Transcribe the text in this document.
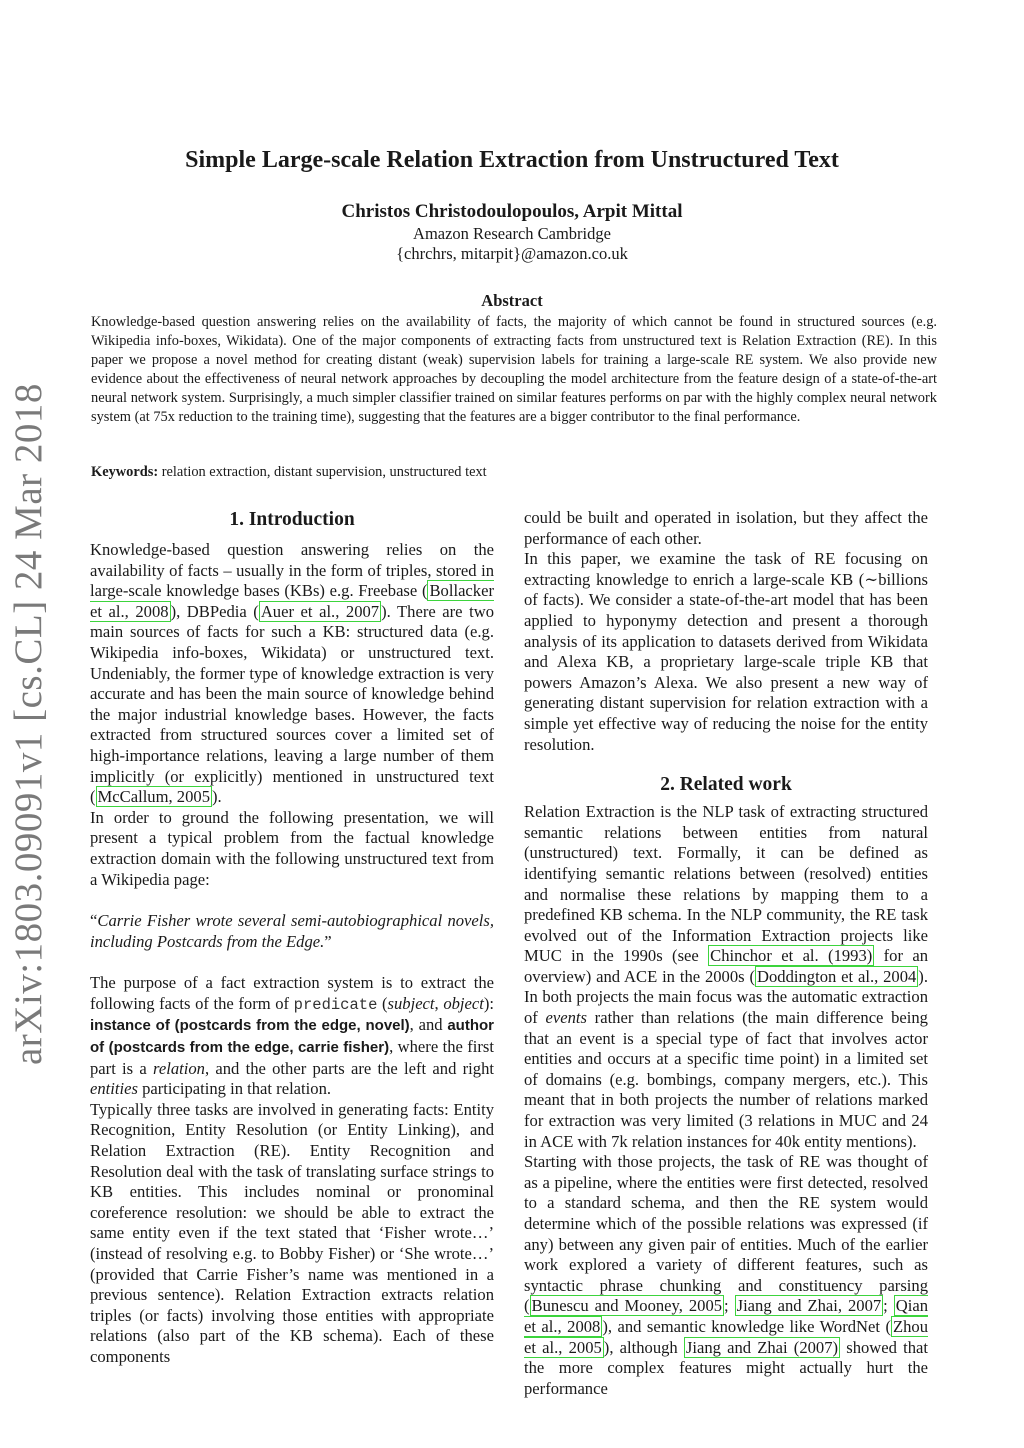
arXiv:1803.09091v1 [cs.CL] 24 Mar 2018
Simple Large-scale Relation Extraction from Unstructured Text
Christos Christodoulopoulos, Arpit Mittal
Amazon Research Cambridge
{chrchrs, mitarpit}@amazon.co.uk
Abstract
Knowledge-based question answering relies on the availability of facts, the majority of which cannot be found in structured sources (e.g. Wikipedia info-boxes, Wikidata). One of the major components of extracting facts from unstructured text is Relation Extraction (RE). In this paper we propose a novel method for creating distant (weak) supervision labels for training a large-scale RE system. We also provide new evidence about the effectiveness of neural network approaches by decoupling the model architecture from the feature design of a state-of-the-art neural network system. Surprisingly, a much simpler classifier trained on similar features performs on par with the highly complex neural network system (at 75x reduction to the training time), suggesting that the features are a bigger contributor to the final performance.
Keywords: relation extraction, distant supervision, unstructured text
1. Introduction

Knowledge-based question answering relies on the availability of facts – usually in the form of triples, stored in large-scale knowledge bases (KBs) e.g. Freebase ( Bollacker et al., 2008 ), DBPedia ( Auer et al., 2007 ). There are two main sources of facts for such a KB: structured data (e.g. Wikipedia info-boxes, Wikidata) or unstructured text. Undeniably, the former type of knowledge extraction is very accurate and has been the main source of knowledge behind the major industrial knowledge bases. However, the facts extracted from structured sources cover a limited set of high-importance relations, leaving a large number of them implicitly (or explicitly) mentioned in unstructured text ( McCallum, 2005 ).

In order to ground the following presentation, we will present a typical problem from the factual knowledge extraction domain with the following unstructured text from a Wikipedia page:

“Carrie Fisher wrote several semi-autobiographical novels, including Postcards from the Edge.”

The purpose of a fact extraction system is to extract the following facts of the form of predicate (subject, object): instance of (postcards from the edge, novel), and author of (postcards from the edge, carrie fisher), where the first part is a relation, and the other parts are the left and right entities participating in that relation.

Typically three tasks are involved in generating facts: Entity Recognition, Entity Resolution (or Entity Linking), and Relation Extraction (RE). Entity Recognition and Resolution deal with the task of translating surface strings to KB entities. This includes nominal or pronominal coreference resolution: we should be able to extract the same entity even if the text stated that ‘Fisher wrote…’ (instead of resolving e.g. to Bobby Fisher) or ‘She wrote…’ (provided that Carrie Fisher’s name was mentioned in a previous sentence). Relation Extraction extracts relation triples (or facts) involving those entities with appropriate relations (also part of the KB schema). Each of these components

could be built and operated in isolation, but they affect the performance of each other.

In this paper, we examine the task of RE focusing on extracting knowledge to enrich a large-scale KB (∼billions of facts). We consider a state-of-the-art model that has been applied to hyponymy detection and present a thorough analysis of its application to datasets derived from Wikidata and Alexa KB, a proprietary large-scale triple KB that powers Amazon’s Alexa. We also present a new way of generating distant supervision for relation extraction with a simple yet effective way of reducing the noise for the entity resolution.

2. Related work

Relation Extraction is the NLP task of extracting structured semantic relations between entities from natural (unstructured) text. Formally, it can be defined as identifying semantic relations between (resolved) entities and normalise these relations by mapping them to a predefined KB schema. In the NLP community, the RE task evolved out of the Information Extraction projects like MUC in the 1990s (see Chinchor et al. (1993) for an overview) and ACE in the 2000s ( Doddington et al., 2004 ). In both projects the main focus was the automatic extraction of events rather than relations (the main difference being that an event is a special type of fact that involves actor entities and occurs at a specific time point) in a limited set of domains (e.g. bombings, company mergers, etc.). This meant that in both projects the number of relations marked for extraction was very limited (3 relations in MUC and 24 in ACE with 7k relation instances for 40k entity mentions).

Starting with those projects, the task of RE was thought of as a pipeline, where the entities were first detected, resolved to a standard schema, and then the RE system would determine which of the possible relations was expressed (if any) between any given pair of entities. Much of the earlier work explored a variety of different features, such as syntactic phrase chunking and constituency parsing ( Bunescu and Mooney, 2005 ; Jiang and Zhai, 2007 ; Qian et al., 2008 ), and semantic knowledge like WordNet ( Zhou et al., 2005 ), although Jiang and Zhai (2007) showed that the more complex features might actually hurt the performance
